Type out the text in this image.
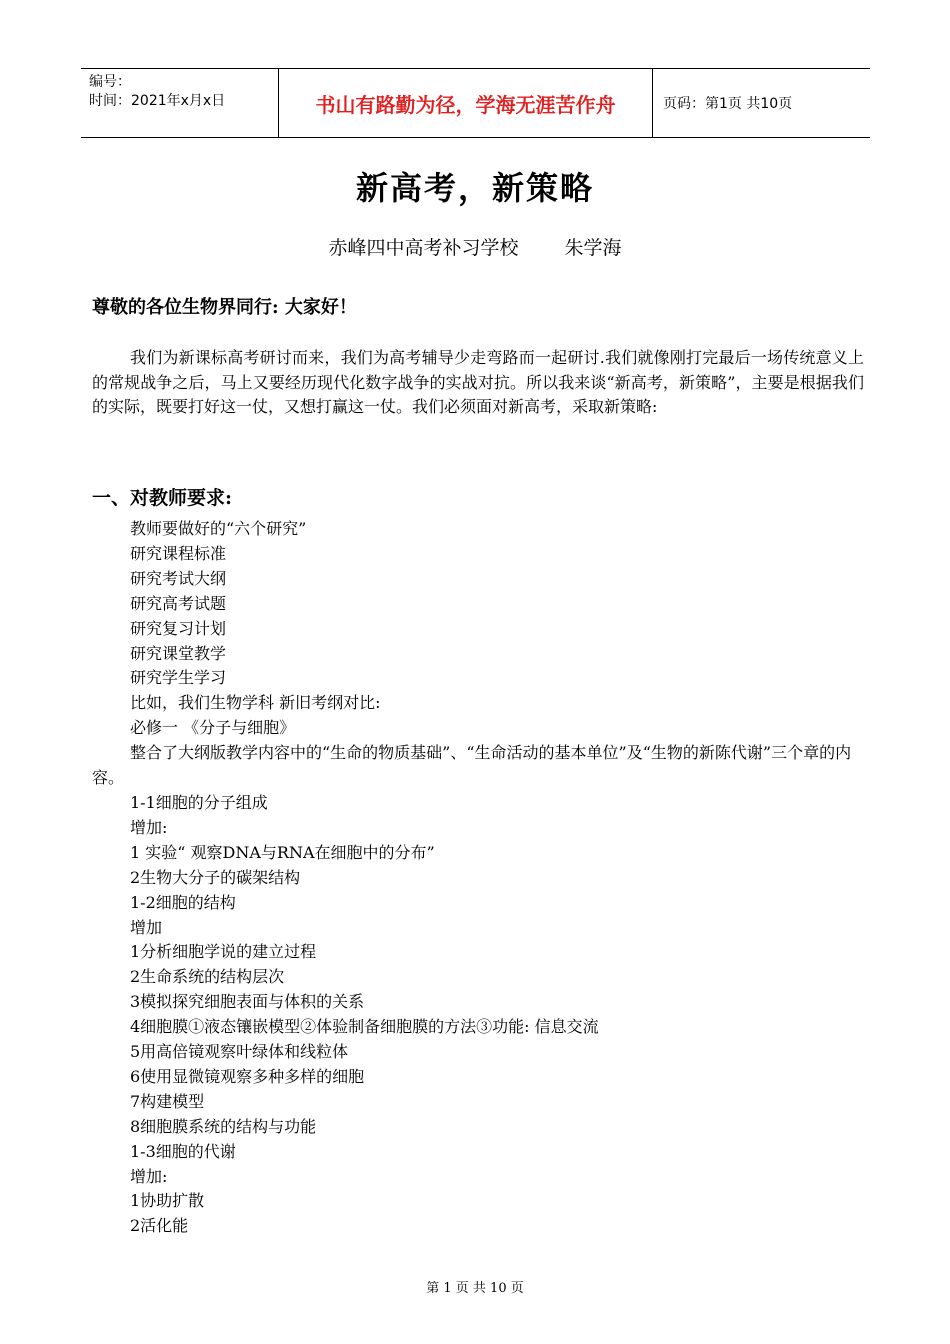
编号：
时间：2021年x月x日	书山有路勤为径，学海无涯苦作舟	页码：第1页 共10页
新高考，新策略
赤峰四中高考补习学校 朱学海
尊敬的各位生物界同行: 大家好！
我们为新课标高考研讨而来，我们为高考辅导少走弯路而一起研讨.我们就像刚打完最后一场传统意义上的常规战争之后，马上又要经历现代化数字战争的实战对抗。所以我来谈“新高考，新策略”，主要是根据我们的实际，既要打好这一仗，又想打赢这一仗。我们必须面对新高考，采取新策略:
一、对教师要求:

教师要做好的“六个研究”

研究课程标准

研究考试大纲

研究高考试题

研究复习计划

研究课堂教学

研究学生学习

比如，我们生物学科 新旧考纲对比:

必修一 《分子与细胞》

整合了大纲版教学内容中的“生命的物质基础”、“生命活动的基本单位”及“生物的新陈代谢”三个章的内容。

1-1细胞的分子组成

增加:

1 实验“ 观察DNA与RNA在细胞中的分布”

2生物大分子的碳架结构

1-2细胞的结构

增加

1分析细胞学说的建立过程

2生命系统的结构层次

3模拟探究细胞表面与体积的关系

4细胞膜①液态镶嵌模型②体验制备细胞膜的方法③功能: 信息交流

5用高倍镜观察叶绿体和线粒体

6使用显微镜观察多种多样的细胞

7构建模型

8细胞膜系统的结构与功能

1-3细胞的代谢

增加:

1协助扩散

2活化能

第 1 页 共 10 页
